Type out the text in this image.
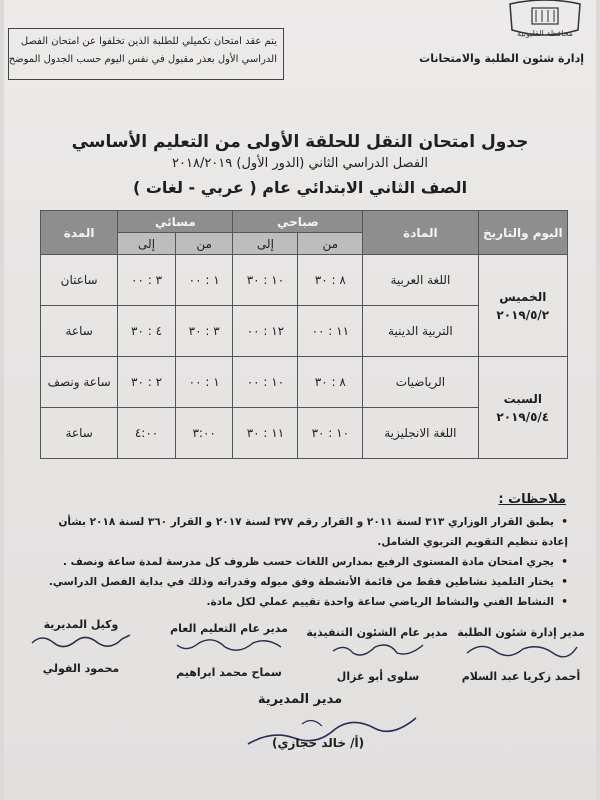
محافظة القليوبية
إدارة شئون الطلبة والامتحانات
يتم عقد امتحان تكميلي للطلبة الذين تخلفوا عن امتحان الفصل
الدراسي الأول بعذر مقبول في نفس اليوم حسب الجدول الموضح
جدول امتحان النقل للحلقة الأولى من التعليم الأساسي
الفصل الدراسي الثاني (الدور الأول) ٢٠١٨/٢٠١٩
الصف الثاني الابتدائي عام ( عربي - لغات )
اليوم والتاريخ	المادة	صباحي		مسائي		المدة
		من	إلى	من	إلى	

الخميس
٢٠١٩/٥/٢	اللغة العربية	٨ : ٣٠	١٠ : ٣٠	١ : ٠٠	٣ : ٠٠	ساعتان
	التربية الدينية	١١ : ٠٠	١٢ : ٠٠	٣ : ٣٠	٤ : ٣٠	ساعة

السبت
٢٠١٩/٥/٤	الرياضيات	٨ : ٣٠	١٠ : ٠٠	١ : ٠٠	٢ : ٣٠	ساعة ونصف
	اللغة الانجليزية	١٠ : ٣٠	١١ : ٣٠	٣:٠٠	٤:٠٠	ساعة
ملاحظات :
• يطبق القرار الوزاري ٣١٣ لسنة ٢٠١١ و القرار رقم ٣٧٧ لسنة ٢٠١٧ و القرار ٣٦٠ لسنة ٢٠١٨ بشأن
إعادة تنظيم التقويم التربوي الشامل.
• يجري امتحان مادة المستوى الرفيع بمدارس اللغات حسب ظروف كل مدرسة لمدة ساعة ونصف .
• يختار التلميذ نشاطين فقط من قائمة الأنشطة وفق ميوله وقدراته وذلك في بداية الفصل الدراسي.
• النشاط الفني والنشاط الرياضي ساعة واحدة تقييم عملي لكل مادة.
مدير إدارة شئون الطلبة
أحمد زكريا عبد السلام
مدير عام الشئون التنفيذية
سلوى أبو غزال
مدير عام التعليم العام
سماح محمد ابراهيم
وكيل المديرية
محمود الفولي
مدير المديرية
(أ/ خالد حجازي)
